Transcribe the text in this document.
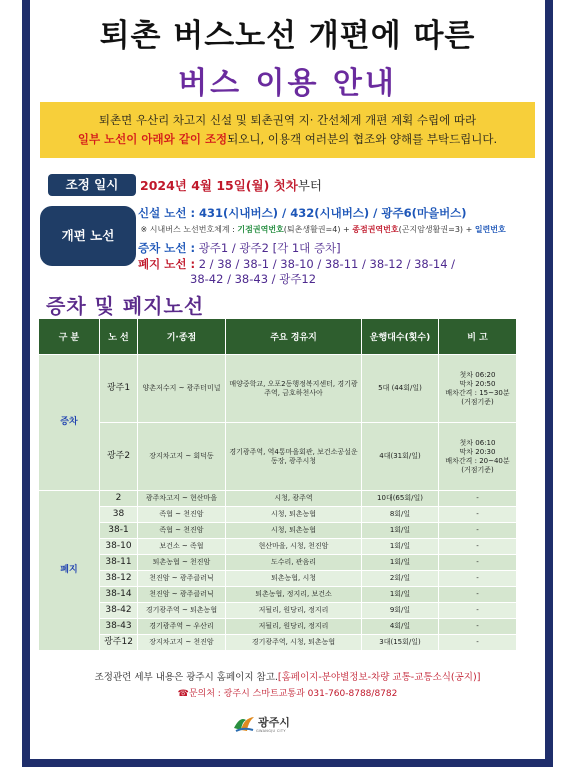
퇴촌 버스노선 개편에 따른
버스 이용 안내
퇴촌면 우산리 차고지 신설 및 퇴촌권역 지· 간선체계 개편 계획 수립에 따라
일부 노선이 아래와 같이 조정되오니, 이용객 여러분의 협조와 양해를 부탁드립니다.
조정 일시	2024년 4월 15일(월) 첫차부터
개편 노선
신설 노선 : 431(시내버스) / 432(시내버스) / 광주6(마을버스)
※ 시내버스 노선번호체계 : 기점권역번호(퇴촌생활권=4) + 종점권역번호(곤지암생활권=3) + 일련번호
증차 노선 : 광주1 / 광주2 [각 1대 증차]
폐지 노선 : 2 / 38 / 38-1 / 38-10 / 38-11 / 38-12 / 38-14 /
38-42 / 38-43 / 광주12
증차 및 폐지노선
구 분	노 선	기·종점	주요 경유지	운행대수(횟수)	비 고
증차	광주1	양촌저수지 ~ 광주터미널	매양중학교, 오포2동행정복지센터, 경기광주역, 금호하천사아	5대 (44회/일)	첫차 06:20
막차 20:50
배차간격 : 15~30분
(거점기준)

	광주2	장지차고지 ~ 회덕동	경기광주역, 역4통마을회관, 보건소공설운동장, 광주시청	4대(31회/일)	첫차 06:10
막차 20:30
배차간격 : 20~40분
(거점기준)

폐지	2	광주차고지 ~ 현산마을	시청, 광주역	10대(65회/일)	-
	38	족협 ~ 천진암	시청, 퇴촌농협	8회/일	-
	38-1	족협 ~ 천진암	시청, 퇴촌농협	1회/일	-
	38-10	보건소 ~ 족협	현산마을, 시청, 천진암	1회/일	-
	38-11	퇴촌농협 ~ 천진암	도수리, 관음리	1회/일	-
	38-12	천진암 ~ 광주클러닉	퇴촌농협, 시청	2회/일	-
	38-14	천진암 ~ 광주클러닉	퇴촌농협, 정지리, 보건소	1회/일	-
	38-42	경기광주역 ~ 퇴촌농협	저될리, 원당리, 정지리	9회/일	-
	38-43	경기광주역 ~ 우산리	저될리, 원당리, 정지리	4회/일	-
	광주12	장지차고지 ~ 천진암	경기광주역, 시청, 퇴촌농협	3대(15회/일)	-
조정관련 세부 내용은 광주시 홈페이지 참고.[홈페이지-분야별정보-차량 교통-교통소식(공지)]
☎문의처 : 광주시 스마트교통과 031-760-8788/8782
광주시
GWANGJU CITY
